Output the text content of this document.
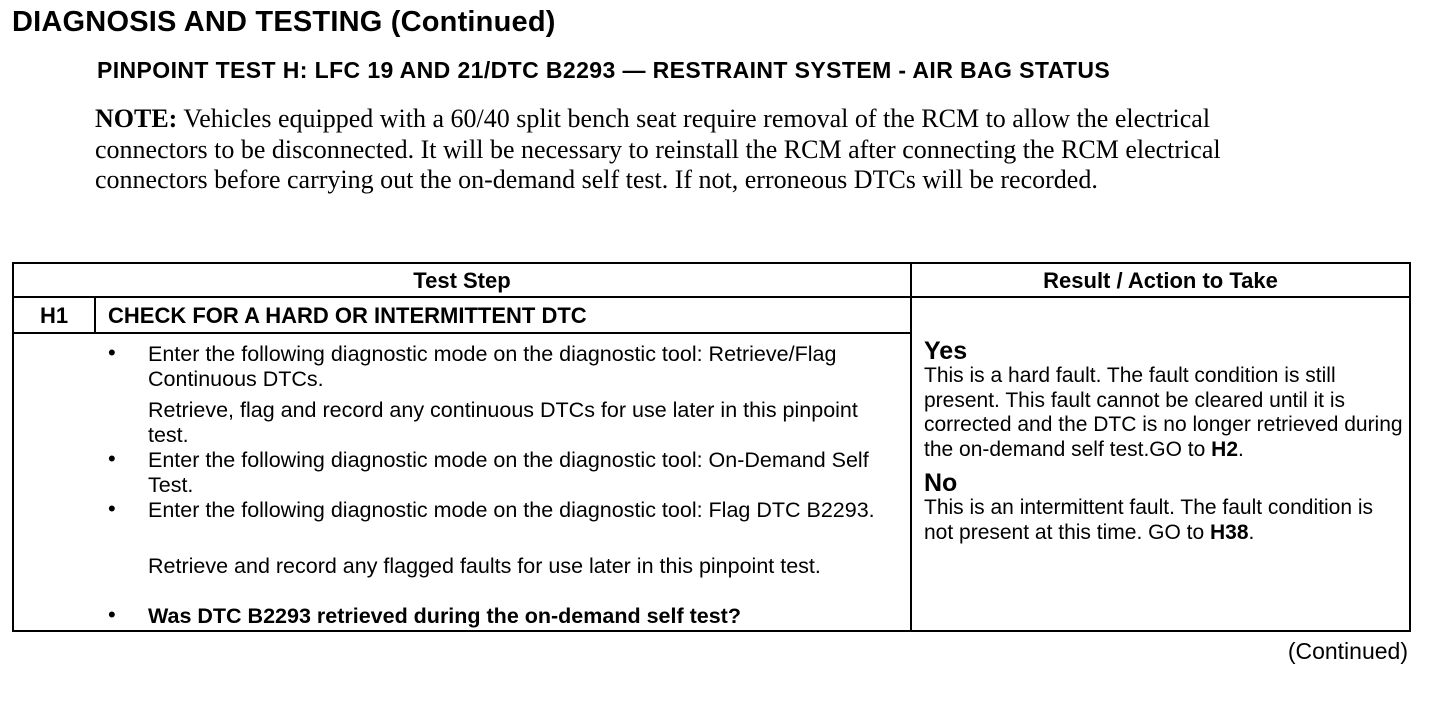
DIAGNOSIS AND TESTING (Continued)
PINPOINT TEST H: LFC 19 AND 21/DTC B2293 — RESTRAINT SYSTEM - AIR BAG STATUS
NOTE: Vehicles equipped with a 60/40 split bench seat require removal of the RCM to allow the electrical connectors to be disconnected. It will be necessary to reinstall the RCM after connecting the RCM electrical connectors before carrying out the on-demand self test. If not, erroneous DTCs will be recorded.
Test Step	Result / Action to Take
H1	CHECK FOR A HARD OR INTERMITTENT DTC
• Enter the following diagnostic mode on the diagnostic tool: Retrieve/Flag Continuous DTCs.
Retrieve, flag and record any continuous DTCs for use later in this pinpoint test.
• Enter the following diagnostic mode on the diagnostic tool: On-Demand Self Test.
• Enter the following diagnostic mode on the diagnostic tool: Flag DTC B2293.
Retrieve and record any flagged faults for use later in this pinpoint test.
• Was DTC B2293 retrieved during the on-demand self test?
Yes
This is a hard fault. The fault condition is still present. This fault cannot be cleared until it is corrected and the DTC is no longer retrieved during the on-demand self test.GO to H2.
No
This is an intermittent fault. The fault condition is not present at this time. GO to H38.
(Continued)
